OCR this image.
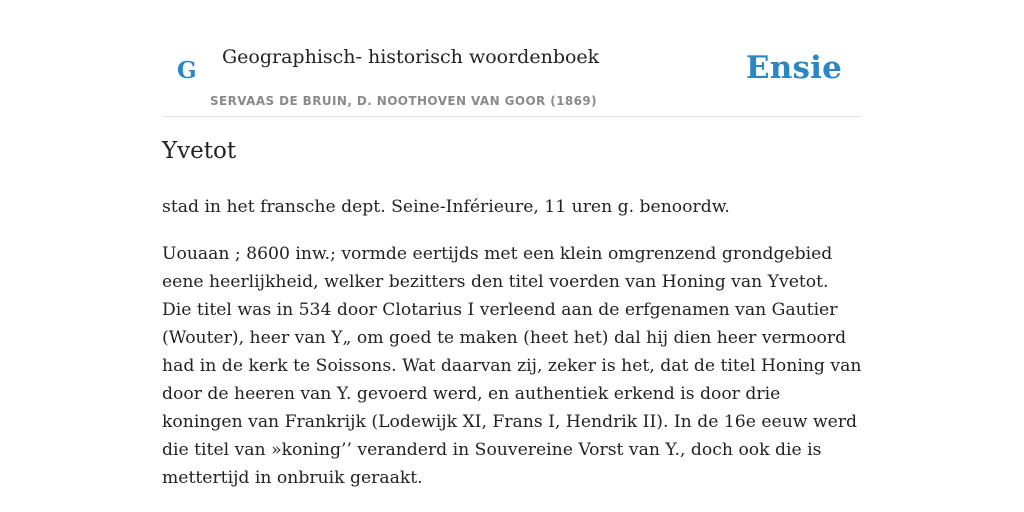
G Geographisch- historisch woordenboek
SERVAAS DE BRUIN, D. NOOTHOVEN VAN GOOR (1869)
Ensie
Yvetot

stad in het fransche dept. Seine-Inférieure, 11 uren g. benoordw.

Uouaan ; 8600 inw.; vormde eertijds met een klein omgrenzend grondgebied eene heerlijkheid, welker bezitters den titel voerden van Honing van Yvetot. Die titel was in 534 door Clotarius I verleend aan de erfgenamen van Gautier (Wouter), heer van Y„ om goed te maken (heet het) dal hij dien heer vermoord had in de kerk te Soissons. Wat daarvan zij, zeker is het, dat de titel Honing van door de heeren van Y. gevoerd werd, en authentiek erkend is door drie koningen van Frankrijk (Lodewijk XI, Frans I, Hendrik II). In de 16e eeuw werd die titel van »koning’’ veranderd in Souvereine Vorst van Y., doch ook die is mettertijd in onbruik geraakt.
